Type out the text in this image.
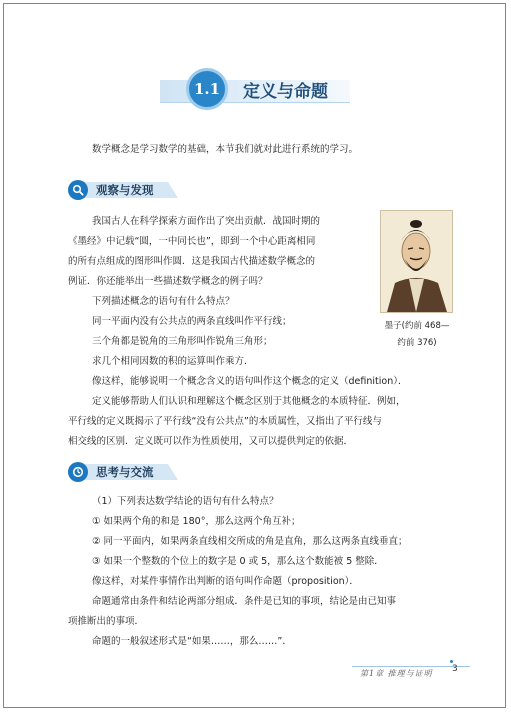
1.1	定义与命题
数学概念是学习数学的基础，本节我们就对此进行系统的学习。
观察与发现
我国古人在科学探索方面作出了突出贡献．战国时期的
《墨经》中记载“圆，一中同长也”，即到一个中心距离相同
的所有点组成的图形叫作圆．这是我国古代描述数学概念的
例证．你还能举出一些描述数学概念的例子吗？
下列描述概念的语句有什么特点？
同一平面内没有公共点的两条直线叫作平行线；
三个角都是锐角的三角形叫作锐角三角形；
求几个相同因数的积的运算叫作乘方．
像这样，能够说明一个概念含义的语句叫作这个概念的定义（definition）．
定义能够帮助人们认识和理解这个概念区别于其他概念的本质特征．例如，
平行线的定义既揭示了平行线“没有公共点”的本质属性，又指出了平行线与
相交线的区别．定义既可以作为性质使用，又可以提供判定的依据．
墨子(约前 468—
约前 376)
思考与交流
（1）下列表达数学结论的语句有什么特点？
① 如果两个角的和是 180°，那么这两个角互补；
② 同一平面内，如果两条直线相交所成的角是直角，那么这两条直线垂直；
③ 如果一个整数的个位上的数字是 0 或 5，那么这个数能被 5 整除．
像这样，对某件事情作出判断的语句叫作命题（proposition）．
命题通常由条件和结论两部分组成．条件是已知的事项，结论是由已知事
项推断出的事项．
命题的一般叙述形式是“如果……，那么……”．
第1章 推理与证明 3
